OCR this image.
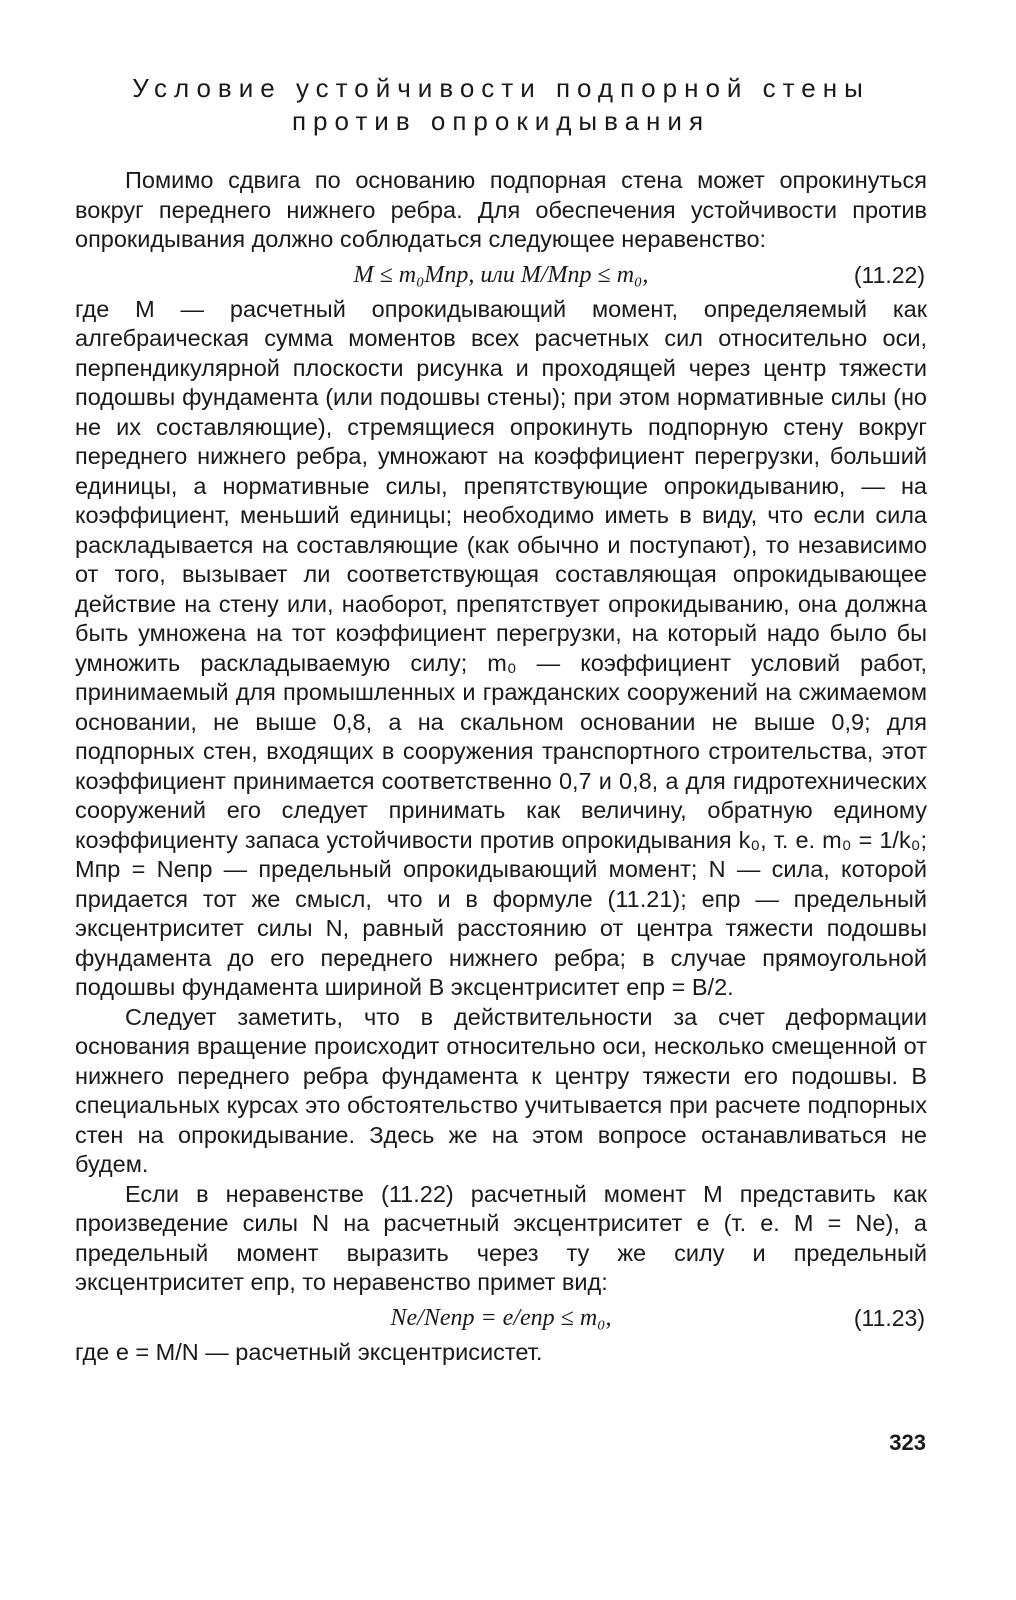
Условие устойчивости подпорной стены
против опрокидывания

Помимо сдвига по основанию подпорная стена может опрокинуться вокруг переднего нижнего ребра. Для обеспечения устойчивости против опрокидывания должно соблюдаться следующее неравенство:

M ≤ m₀Mпр, или M/Mпр ≤ m₀,	(11.22)

где M — расчетный опрокидывающий момент, определяемый как алгебраическая сумма моментов всех расчетных сил относительно оси, перпендикулярной плоскости рисунка и проходящей через центр тяжести подошвы фундамента (или подошвы стены); при этом нормативные силы (но не их составляющие), стремящиеся опрокинуть подпорную стену вокруг переднего нижнего ребра, умножают на коэффициент перегрузки, больший единицы, а нормативные силы, препятствующие опрокидыванию, — на коэффициент, меньший единицы; необходимо иметь в виду, что если сила раскладывается на составляющие (как обычно и поступают), то независимо от того, вызывает ли соответствующая составляющая опрокидывающее действие на стену или, наоборот, препятствует опрокидыванию, она должна быть умножена на тот коэффициент перегрузки, на который надо было бы умножить раскладываемую силу; m₀ — коэффициент условий работ, принимаемый для промышленных и гражданских сооружений на сжимаемом основании, не выше 0,8, а на скальном основании не выше 0,9; для подпорных стен, входящих в сооружения транспортного строительства, этот коэффициент принимается соответственно 0,7 и 0,8, а для гидротехнических сооружений его следует принимать как величину, обратную единому коэффициенту запаса устойчивости против опрокидывания k₀, т. е. m₀ = 1/k₀; Mпр = Neпр — предельный опрокидывающий момент; N — сила, которой придается тот же смысл, что и в формуле (11.21); eпр — предельный эксцентриситет силы N, равный расстоянию от центра тяжести подошвы фундамента до его переднего нижнего ребра; в случае прямоугольной подошвы фундамента шириной B эксцентриситет eпр = B/2.

Следует заметить, что в действительности за счет деформации основания вращение происходит относительно оси, несколько смещенной от нижнего переднего ребра фундамента к центру тяжести его подошвы. В специальных курсах это обстоятельство учитывается при расчете подпорных стен на опрокидывание. Здесь же на этом вопросе останавливаться не будем.

Если в неравенстве (11.22) расчетный момент M представить как произведение силы N на расчетный эксцентриситет e (т. е. M = Ne), а предельный момент выразить через ту же силу и предельный эксцентриситет eпр, то неравенство примет вид:

Ne/Neпр = e/eпр ≤ m₀,	(11.23)

где e = M/N — расчетный эксцентрисистет.

323
